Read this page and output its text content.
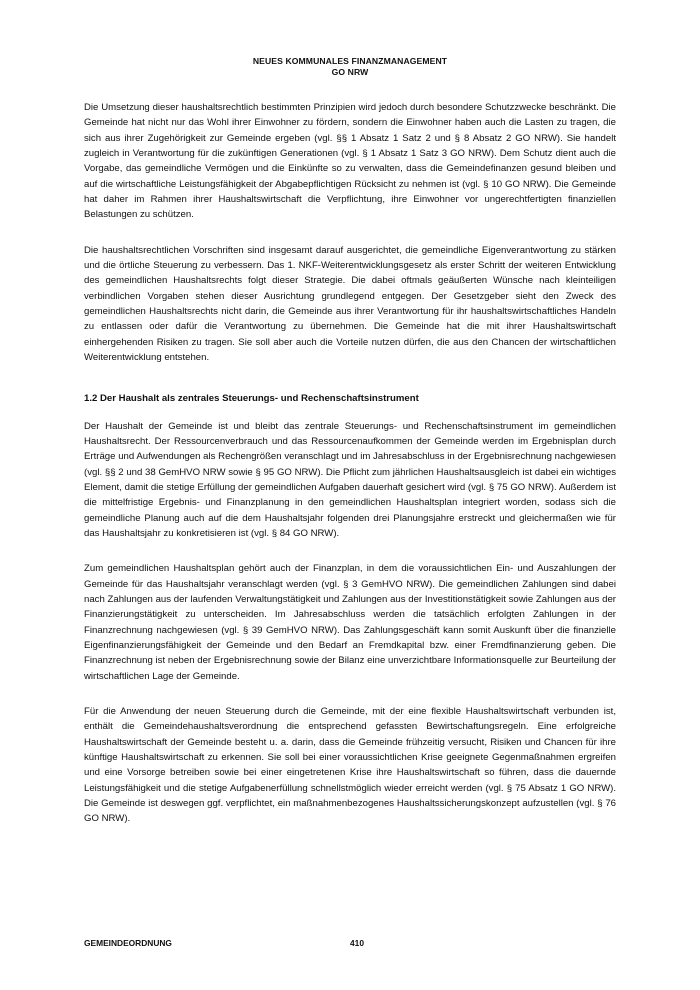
NEUES KOMMUNALES FINANZMANAGEMENT
GO NRW

Die Umsetzung dieser haushaltsrechtlich bestimmten Prinzipien wird jedoch durch besondere Schutzzwecke beschränkt. Die Gemeinde hat nicht nur das Wohl ihrer Einwohner zu fördern, sondern die Einwohner haben auch die Lasten zu tragen, die sich aus ihrer Zugehörigkeit zur Gemeinde ergeben (vgl. §§ 1 Absatz 1 Satz 2 und § 8 Absatz 2 GO NRW). Sie handelt zugleich in Verantwortung für die zukünftigen Generationen (vgl. § 1 Absatz 1 Satz 3 GO NRW). Dem Schutz dient auch die Vorgabe, das gemeindliche Vermögen und die Einkünfte so zu verwalten, dass die Gemeindefinanzen gesund bleiben und auf die wirtschaftliche Leistungsfähigkeit der Abgabepflichtigen Rücksicht zu nehmen ist (vgl. § 10 GO NRW). Die Gemeinde hat daher im Rahmen ihrer Haushaltswirtschaft die Verpflichtung, ihre Einwohner vor ungerechtfertigten finanziellen Belastungen zu schützen.

Die haushaltsrechtlichen Vorschriften sind insgesamt darauf ausgerichtet, die gemeindliche Eigenverantwortung zu stärken und die örtliche Steuerung zu verbessern. Das 1. NKF-Weiterentwicklungsgesetz als erster Schritt der weiteren Entwicklung des gemeindlichen Haushaltsrechts folgt dieser Strategie. Die dabei oftmals geäußerten Wünsche nach kleinteiligen verbindlichen Vorgaben stehen dieser Ausrichtung grundlegend entgegen. Der Gesetzgeber sieht den Zweck des gemeindlichen Haushaltsrechts nicht darin, die Gemeinde aus ihrer Verantwortung für ihr haushaltswirtschaftliches Handeln zu entlassen oder dafür die Verantwortung zu übernehmen. Die Gemeinde hat die mit ihrer Haushaltswirtschaft einhergehenden Risiken zu tragen. Sie soll aber auch die Vorteile nutzen dürfen, die aus den Chancen der wirtschaftlichen Weiterentwicklung entstehen.

1.2 Der Haushalt als zentrales Steuerungs- und Rechenschaftsinstrument

Der Haushalt der Gemeinde ist und bleibt das zentrale Steuerungs- und Rechenschaftsinstrument im gemeindlichen Haushaltsrecht. Der Ressourcenverbrauch und das Ressourcenaufkommen der Gemeinde werden im Ergebnisplan durch Erträge und Aufwendungen als Rechengrößen veranschlagt und im Jahresabschluss in der Ergebnisrechnung nachgewiesen (vgl. §§ 2 und 38 GemHVO NRW sowie § 95 GO NRW). Die Pflicht zum jährlichen Haushaltsausgleich ist dabei ein wichtiges Element, damit die stetige Erfüllung der gemeindlichen Aufgaben dauerhaft gesichert wird (vgl. § 75 GO NRW). Außerdem ist die mittelfristige Ergebnis- und Finanzplanung in den gemeindlichen Haushaltsplan integriert worden, sodass sich die gemeindliche Planung auch auf die dem Haushaltsjahr folgenden drei Planungsjahre erstreckt und gleichermaßen wie für das Haushaltsjahr zu konkretisieren ist (vgl. § 84 GO NRW).

Zum gemeindlichen Haushaltsplan gehört auch der Finanzplan, in dem die voraussichtlichen Ein- und Auszahlungen der Gemeinde für das Haushaltsjahr veranschlagt werden (vgl. § 3 GemHVO NRW). Die gemeindlichen Zahlungen sind dabei nach Zahlungen aus der laufenden Verwaltungstätigkeit und Zahlungen aus der Investitionstätigkeit sowie Zahlungen aus der Finanzierungstätigkeit zu unterscheiden. Im Jahresabschluss werden die tatsächlich erfolgten Zahlungen in der Finanzrechnung nachgewiesen (vgl. § 39 GemHVO NRW). Das Zahlungsgeschäft kann somit Auskunft über die finanzielle Eigenfinanzierungsfähigkeit der Gemeinde und den Bedarf an Fremdkapital bzw. einer Fremdfinanzierung geben. Die Finanzrechnung ist neben der Ergebnisrechnung sowie der Bilanz eine unverzichtbare Informationsquelle zur Beurteilung der wirtschaftlichen Lage der Gemeinde.

Für die Anwendung der neuen Steuerung durch die Gemeinde, mit der eine flexible Haushaltswirtschaft verbunden ist, enthält die Gemeindehaushaltsverordnung die entsprechend gefassten Bewirtschaftungsregeln. Eine erfolgreiche Haushaltswirtschaft der Gemeinde besteht u. a. darin, dass die Gemeinde frühzeitig versucht, Risiken und Chancen für ihre künftige Haushaltswirtschaft zu erkennen. Sie soll bei einer voraussichtlichen Krise geeignete Gegenmaßnahmen ergreifen und eine Vorsorge betreiben sowie bei einer eingetretenen Krise ihre Haushaltswirtschaft so führen, dass die dauernde Leistungsfähigkeit und die stetige Aufgabenerfüllung schnellstmöglich wieder erreicht werden (vgl. § 75 Absatz 1 GO NRW). Die Gemeinde ist deswegen ggf. verpflichtet, ein maßnahmenbezogenes Haushaltssicherungskonzept aufzustellen (vgl. § 76 GO NRW).

GEMEINDEORDNUNG	410
